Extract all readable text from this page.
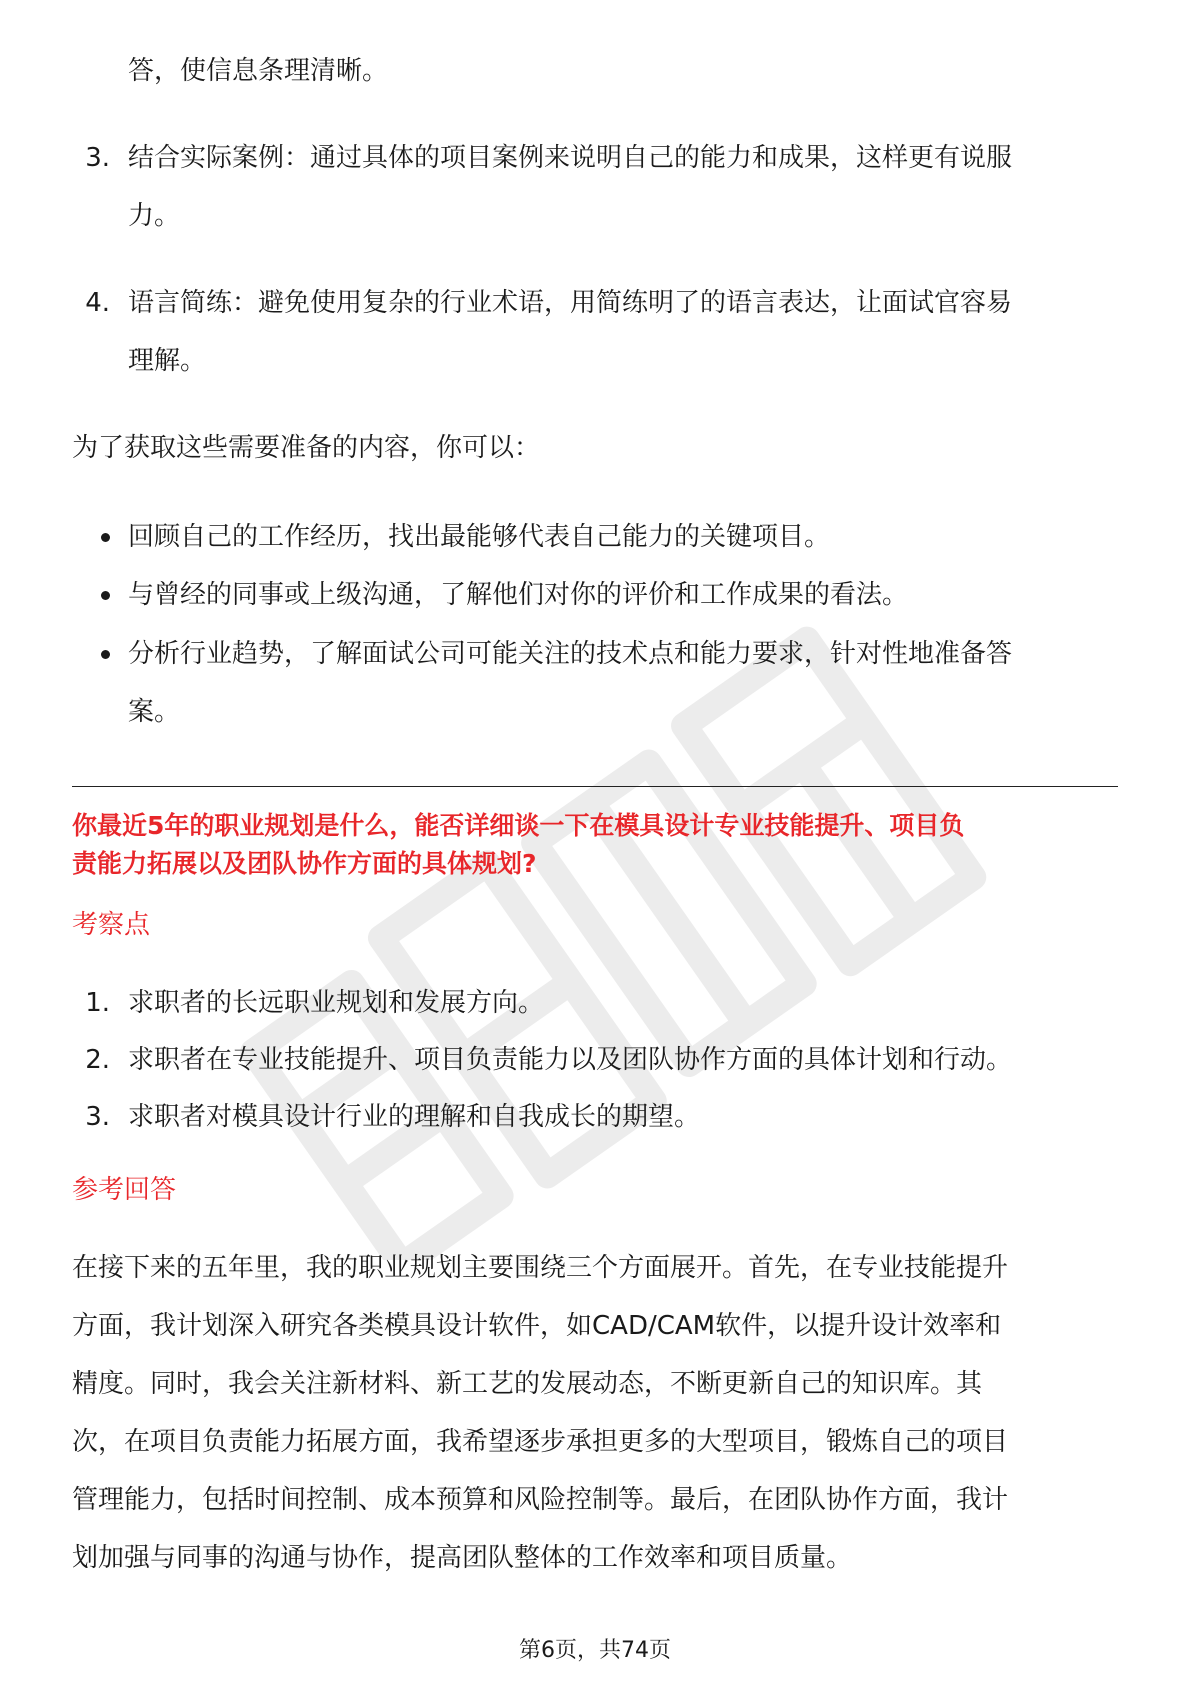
答，使信息条理清晰。
3. 结合实际案例：通过具体的项目案例来说明自己的能力和成果，这样更有说服
力。
4. 语言简练：避免使用复杂的行业术语，用简练明了的语言表达，让面试官容易
理解。
为了获取这些需要准备的内容，你可以：
回顾自己的工作经历，找出最能够代表自己能力的关键项目。
与曾经的同事或上级沟通，了解他们对你的评价和工作成果的看法。
分析行业趋势，了解面试公司可能关注的技术点和能力要求，针对性地准备答
案。
你最近5年的职业规划是什么，能否详细谈一下在模具设计专业技能提升、项目负
责能力拓展以及团队协作方面的具体规划?
考察点
1. 求职者的长远职业规划和发展方向。
2. 求职者在专业技能提升、项目负责能力以及团队协作方面的具体计划和行动。
3. 求职者对模具设计行业的理解和自我成长的期望。
参考回答
在接下来的五年里，我的职业规划主要围绕三个方面展开。首先，在专业技能提升
方面，我计划深入研究各类模具设计软件，如CAD/CAM软件，以提升设计效率和
精度。同时，我会关注新材料、新工艺的发展动态，不断更新自己的知识库。其
次，在项目负责能力拓展方面，我希望逐步承担更多的大型项目，锻炼自己的项目
管理能力，包括时间控制、成本预算和风险控制等。最后，在团队协作方面，我计
划加强与同事的沟通与协作，提高团队整体的工作效率和项目质量。
第6页，共74页
